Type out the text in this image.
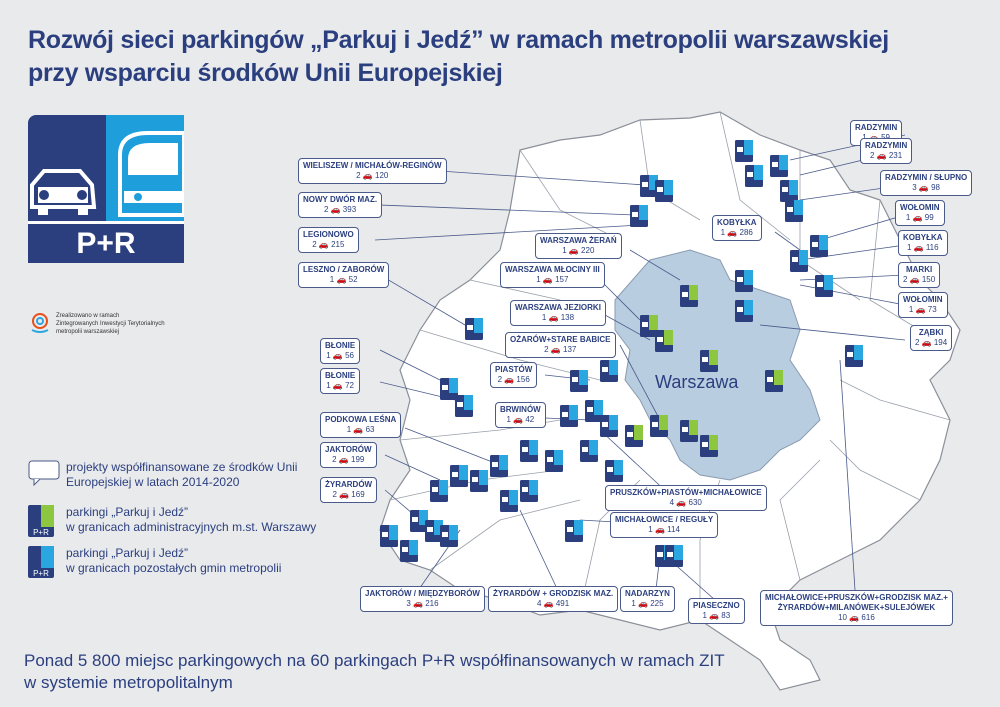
Rozwój sieci parkingów „Parkuj i Jedź” w ramach metropolii warszawskiej
przy wsparciu środków Unii Europejskiej
P+R
Zrealizowano w ramach
Zintegrowanych Inwestycji Terytorialnych
metropolii warszawskiej
Warszawa
RADZYMIN
RADZYMIN
2 🚗 231
RADZYMIN / SŁUPNO
3 🚗 98
WOŁOMIN
1 🚗 99
KOBYŁKA
1 🚗 116
MARKI
2 🚗 150
WOŁOMIN
1 🚗 73
ZĄBKI
2 🚗 194
KOBYŁKA
1 🚗 286
WARSZAWA ŻERAŃ
1 🚗 220
WARSZAWA MŁOCINY III
1 🚗 157
WARSZAWA JEZIORKI
1 🚗 138
OŻARÓW+STARE BABICE
2 🚗 137
PIASTÓW
2 🚗 156
BRWINÓW
1 🚗 42
WIELISZEW / MICHAŁÓW-REGINÓW
2 🚗 120
NOWY DWÓR MAZ.
2 🚗 393
LEGIONOWO
2 🚗 215
LESZNO / ZABORÓW
1 🚗 52
BŁONIE
1 🚗 56
BŁONIE
1 🚗 72
PODKOWA LEŚNA
1 🚗 63
JAKTORÓW
2 🚗 199
ŻYRARDÓW
2 🚗 169	PRUSZKÓW+PIASTÓW+MICHAŁOWICE
4 🚗 630
MICHAŁOWICE / REGUŁY
1 🚗 114
JAKTORÓW / MIĘDZYBORÓW
3 🚗 216
ŻYRARDÓW + GRODZISK MAZ.
4 🚗 491
NADARZYN
1 🚗 225	PIASECZNO
1 🚗 83
MICHAŁOWICE+PRUSZKÓW+GRODZISK MAZ.+
ŻYRARDÓW+MILANÓWEK+SULEJÓWEK
10 🚗 616
projekty współfinansowane ze środków Unii Europejskiej w latach 2014-2020
P+R
parkingi „Parkuj i Jedź”
w granicach administracyjnych m.st. Warszawy
P+R
parkingi „Parkuj i Jedź”
w granicach pozostałych gmin metropolii
Ponad 5 800 miejsc parkingowych na 60 parkingach P+R współfinansowanych w ramach ZIT
w systemie metropolitalnym
